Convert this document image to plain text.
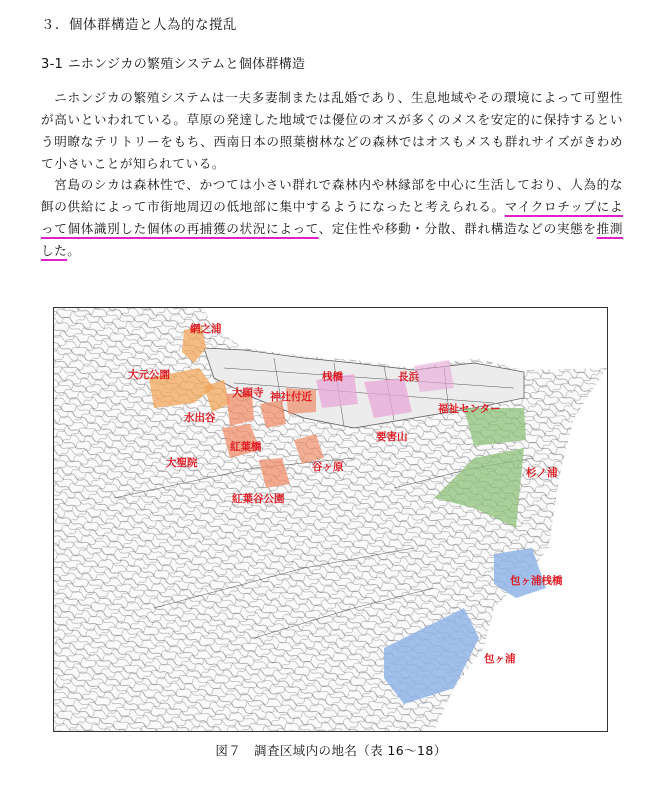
３．個体群構造と人為的な撹乱
3-1 ニホンジカの繁殖システムと個体群構造
　ニホンジカの繁殖システムは一夫多妻制または乱婚であり、生息地域やその環境によって可塑性が高いといわれている。草原の発達した地域では優位のオスが多くのメスを安定的に保持するという明瞭なテリトリーをもち、西南日本の照葉樹林などの森林ではオスもメスも群れサイズがきわめて小さいことが知られている。
　宮島のシカは森林性で、かつては小さい群れで森林内や林縁部を中心に生活しており、人為的な餌の供給によって市街地周辺の低地部に集中するようになったと考えられる。マイクロチップによって個体識別した個体の再捕獲の状況によって、定住性や移動・分散、群れ構造などの実態を推測した。
網之浦
大元公園
大願寺
水出谷
神社付近
紅葉橋
大聖院	谷ヶ原
紅葉谷公園
桟橋	長浜
福祉センター
要害山
杉ノ浦
包ヶ浦桟橋
包ヶ浦
図７　調査区域内の地名（表 16～18）
